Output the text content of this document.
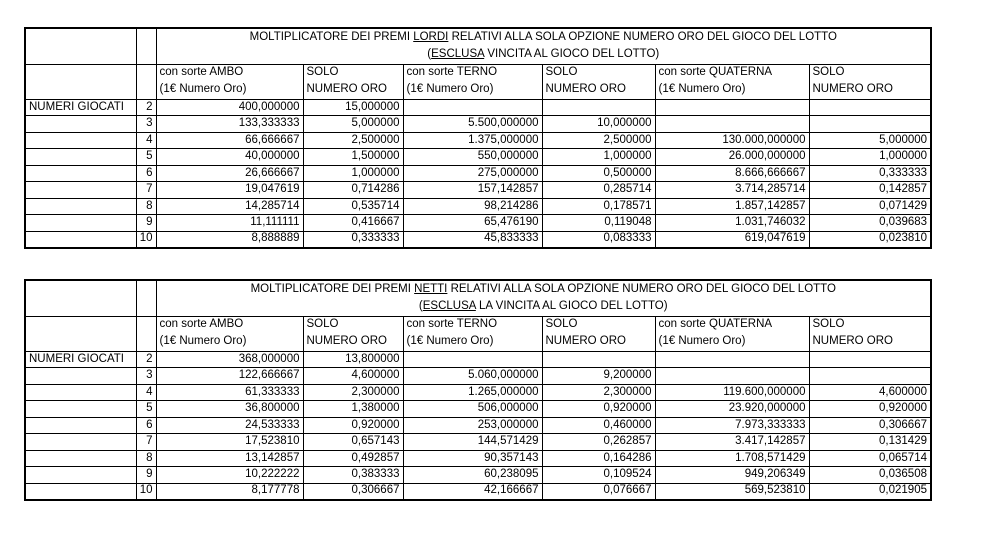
		MOLTIPLICATORE DEI PREMI LORDI RELATIVI ALLA SOLA OPZIONE NUMERO ORO DEL GIOCO DEL LOTTO					
		(ESCLUSA VINCITA AL GIOCO DEL LOTTO)					
		con sorte AMBO	SOLO	con sorte TERNO	SOLO	con sorte QUATERNA	SOLO
		(1€ Numero Oro)	NUMERO ORO	(1€ Numero Oro)	NUMERO ORO	(1€ Numero Oro)	NUMERO ORO
NUMERI GIOCATI	2	400,000000	15,000000				
	3	133,333333	5,000000	5.500,000000	10,000000		
	4	66,666667	2,500000	1.375,000000	2,500000	130.000,000000	5,000000
	5	40,000000	1,500000	550,000000	1,000000	26.000,000000	1,000000
	6	26,666667	1,000000	275,000000	0,500000	8.666,666667	0,333333
	7	19,047619	0,714286	157,142857	0,285714	3.714,285714	0,142857
	8	14,285714	0,535714	98,214286	0,178571	1.857,142857	0,071429
	9	11,111111	0,416667	65,476190	0,119048	1.031,746032	0,039683
	10	8,888889	0,333333	45,833333	0,083333	619,047619	0,023810
		MOLTIPLICATORE DEI PREMI NETTI RELATIVI ALLA SOLA OPZIONE NUMERO ORO DEL GIOCO DEL LOTTO					
		(ESCLUSA LA VINCITA AL GIOCO DEL LOTTO)					
		con sorte AMBO	SOLO	con sorte TERNO	SOLO	con sorte QUATERNA	SOLO
		(1€ Numero Oro)	NUMERO ORO	(1€ Numero Oro)	NUMERO ORO	(1€ Numero Oro)	NUMERO ORO
NUMERI GIOCATI	2	368,000000	13,800000				
	3	122,666667	4,600000	5.060,000000	9,200000		
	4	61,333333	2,300000	1.265,000000	2,300000	119.600,000000	4,600000
	5	36,800000	1,380000	506,000000	0,920000	23.920,000000	0,920000
	6	24,533333	0,920000	253,000000	0,460000	7.973,333333	0,306667
	7	17,523810	0,657143	144,571429	0,262857	3.417,142857	0,131429
	8	13,142857	0,492857	90,357143	0,164286	1.708,571429	0,065714
	9	10,222222	0,383333	60,238095	0,109524	949,206349	0,036508
	10	8,177778	0,306667	42,166667	0,076667	569,523810	0,021905
